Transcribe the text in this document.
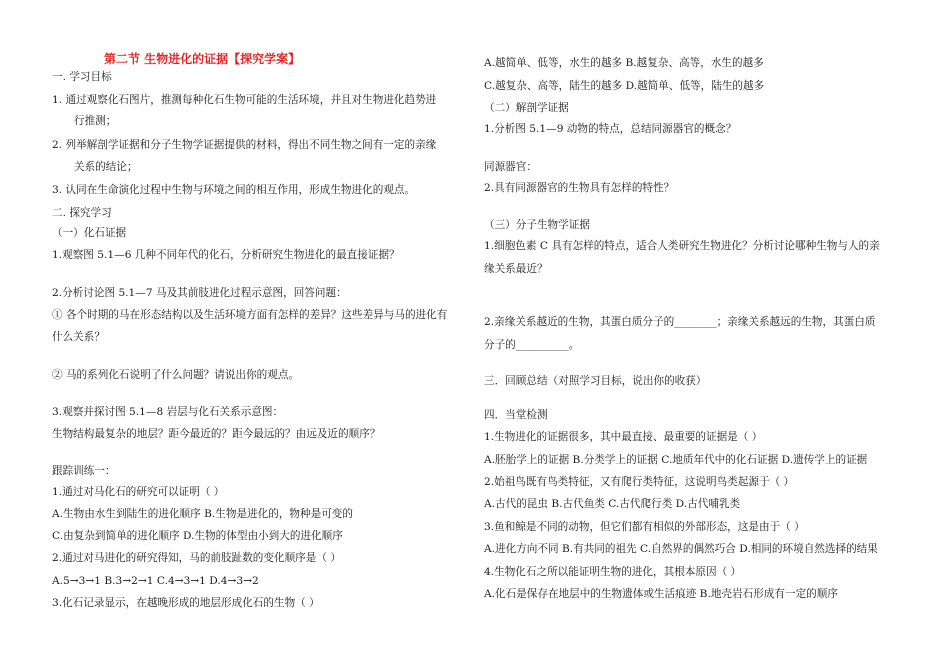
第二节 生物进化的证据【探究学案】
一. 学习目标
1. 通过观察化石图片，推测每种化石生物可能的生活环境，并且对生物进化趋势进
行推测；
2. 列举解剖学证据和分子生物学证据提供的材料，得出不同生物之间有一定的亲缘
关系的结论；
3. 认同在生命演化过程中生物与环境之间的相互作用，形成生物进化的观点。
二. 探究学习
（一）化石证据
1.观察图 5.1—6 几种不同年代的化石，分析研究生物进化的最直接证据？
2.分析讨论图 5.1—7 马及其前肢进化过程示意图，回答问题：
① 各个时期的马在形态结构以及生活环境方面有怎样的差异？这些差异与马的进化有
什么关系？
② 马的系列化石说明了什么问题？请说出你的观点。
3.观察并探讨图 5.1—8 岩层与化石关系示意图：
生物结构最复杂的地层？距今最近的？距今最远的？由远及近的顺序？
跟踪训练一：
1.通过对马化石的研究可以证明（ ）
A.生物由水生到陆生的进化顺序 B.生物是进化的，物种是可变的
C.由复杂到简单的进化顺序 D.生物的体型由小到大的进化顺序
2.通过对马进化的研究得知，马的前肢趾数的变化顺序是（ ）
A.5→3→1 B.3→2→1 C.4→3→1 D.4→3→2
3.化石记录显示，在越晚形成的地层形成化石的生物（ ）
A.越简单、低等，水生的越多 B.越复杂、高等，水生的越多
C.越复杂、高等，陆生的越多 D.越简单、低等，陆生的越多
（二）解剖学证据
1.分析图 5.1—9 动物的特点，总结同源器官的概念？
同源器官：
2.具有同源器官的生物具有怎样的特性？
（三）分子生物学证据
1.细胞色素 C 具有怎样的特点，适合人类研究生物进化？分析讨论哪种生物与人的亲
缘关系最近？
2.亲缘关系越近的生物，其蛋白质分子的________；亲缘关系越远的生物，其蛋白质
分子的__________。
三．回顾总结（对照学习目标，说出你的收获）
四．当堂检测
1.生物进化的证据很多，其中最直接、最重要的证据是（ ）
A.胚胎学上的证据 B.分类学上的证据 C.地质年代中的化石证据 D.遗传学上的证据
2.始祖鸟既有鸟类特征，又有爬行类特征，这说明鸟类起源于（ ）
A.古代的昆虫 B.古代鱼类 C.古代爬行类 D.古代哺乳类
3.鱼和鲸是不同的动物，但它们都有相似的外部形态，这是由于（ ）
A.进化方向不同 B.有共同的祖先 C.自然界的偶然巧合 D.相同的环境自然选择的结果
4.生物化石之所以能证明生物的进化，其根本原因（ ）
A.化石是保存在地层中的生物遗体或生活痕迹 B.地壳岩石形成有一定的顺序
